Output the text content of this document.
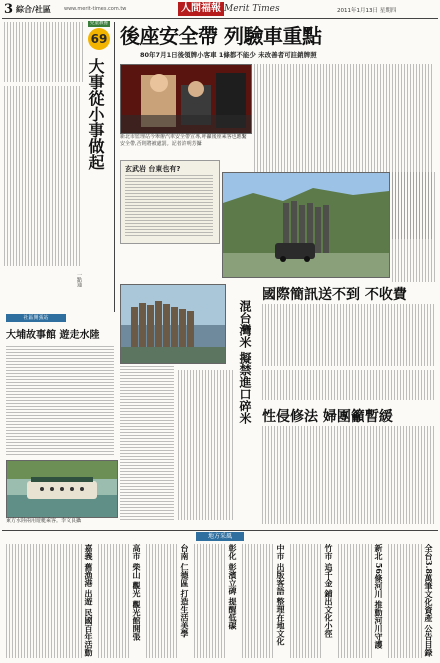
3 綜合/社區	www.merit-times.com.tw	人間福報 Merit Times	2011年1月13日 星期四
兒童教養
69
大事從小事做起
一點通
後座安全帶 列驗車重點
80年7月1日後領牌小客車 1條都不能少 未改善者可註銷牌照
新北市監理站今舉辦汽車安全帶宣導,呼籲後座乘客也應繫安全帶,否則將被處罰。記者許明芳攝
玄武岩 台東也有?
國際簡訊送不到 不收費
混台灣米 擬禁進口碎米 性侵修法 婦團籲暫緩
社區開張站
大埔故事館 遊走水陸
東方水陸兩用遊艇乘客。李文良攝
地方采風
全台3.8萬筆文化資產 公告目錄
新北 56條河川 推動河川守護
竹市 追千金 鋪出文化小徑
中市 出版客語 整理在地文化
彰化 彰濱立碑 提醒低碳
台南 仁德區 打造生活美學
高市 柴山 觀光 觀光館開張
嘉義 舊漁港 出遊 民國百年活動
